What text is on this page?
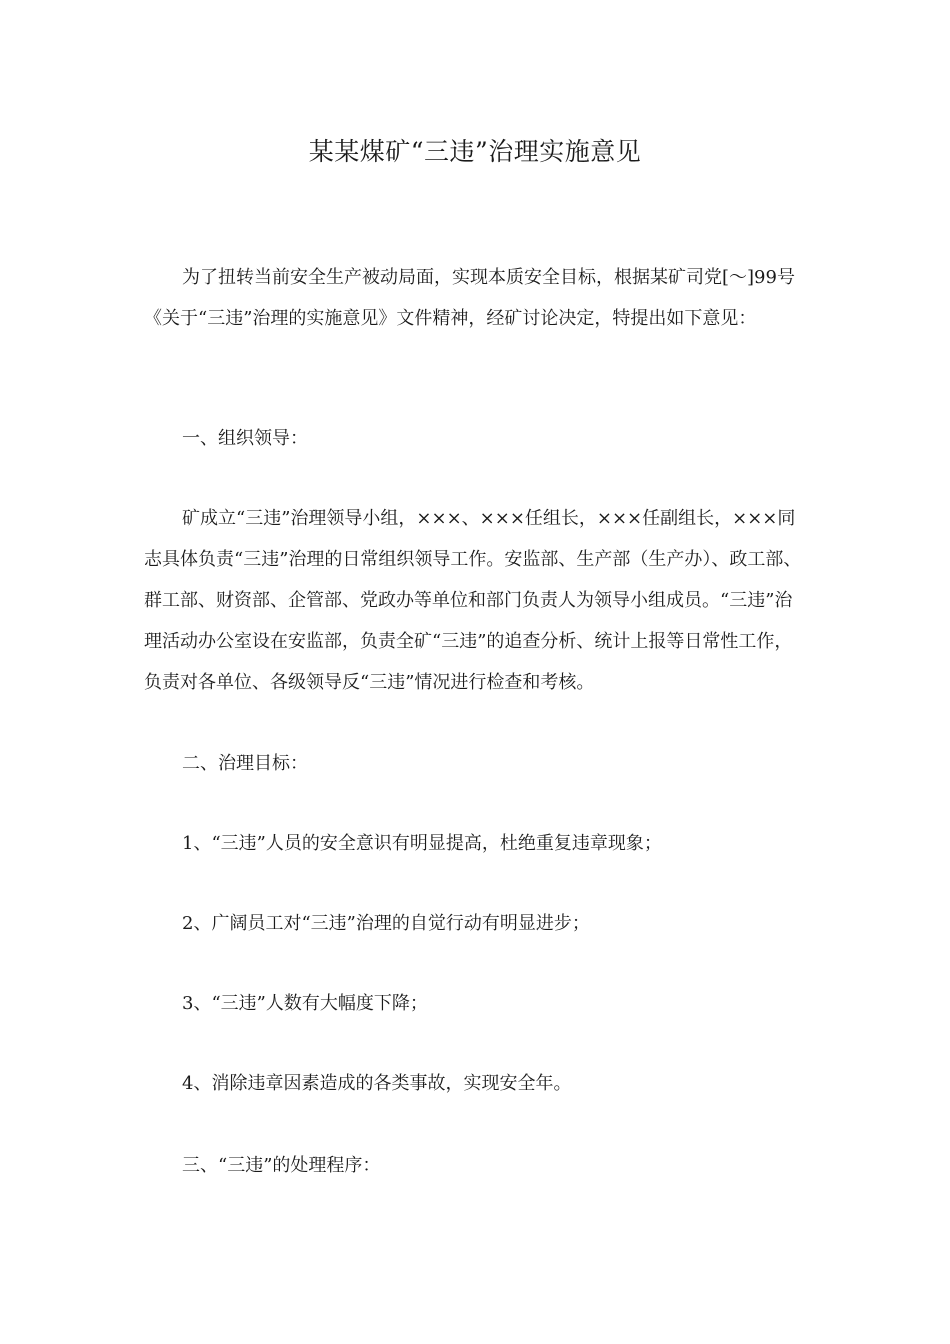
某某煤矿“三违”治理实施意见

为了扭转当前安全生产被动局面，实现本质安全目标，根据某矿司党[～]99号《关于“三违”治理的实施意见》文件精神，经矿讨论决定，特提出如下意见：

一、组织领导：

矿成立“三违”治理领导小组，×××、×××任组长，×××任副组长，×××同志具体负责“三违”治理的日常组织领导工作。安监部、生产部（生产办）、政工部、群工部、财资部、企管部、党政办等单位和部门负责人为领导小组成员。“三违”治理活动办公室设在安监部，负责全矿“三违”的追查分析、统计上报等日常性工作，负责对各单位、各级领导反“三违”情况进行检查和考核。

二、治理目标：

1、“三违”人员的安全意识有明显提高，杜绝重复违章现象；

2、广阔员工对“三违”治理的自觉行动有明显进步；

3、“三违”人数有大幅度下降；

4、消除违章因素造成的各类事故，实现安全年。

三、“三违”的处理程序：
